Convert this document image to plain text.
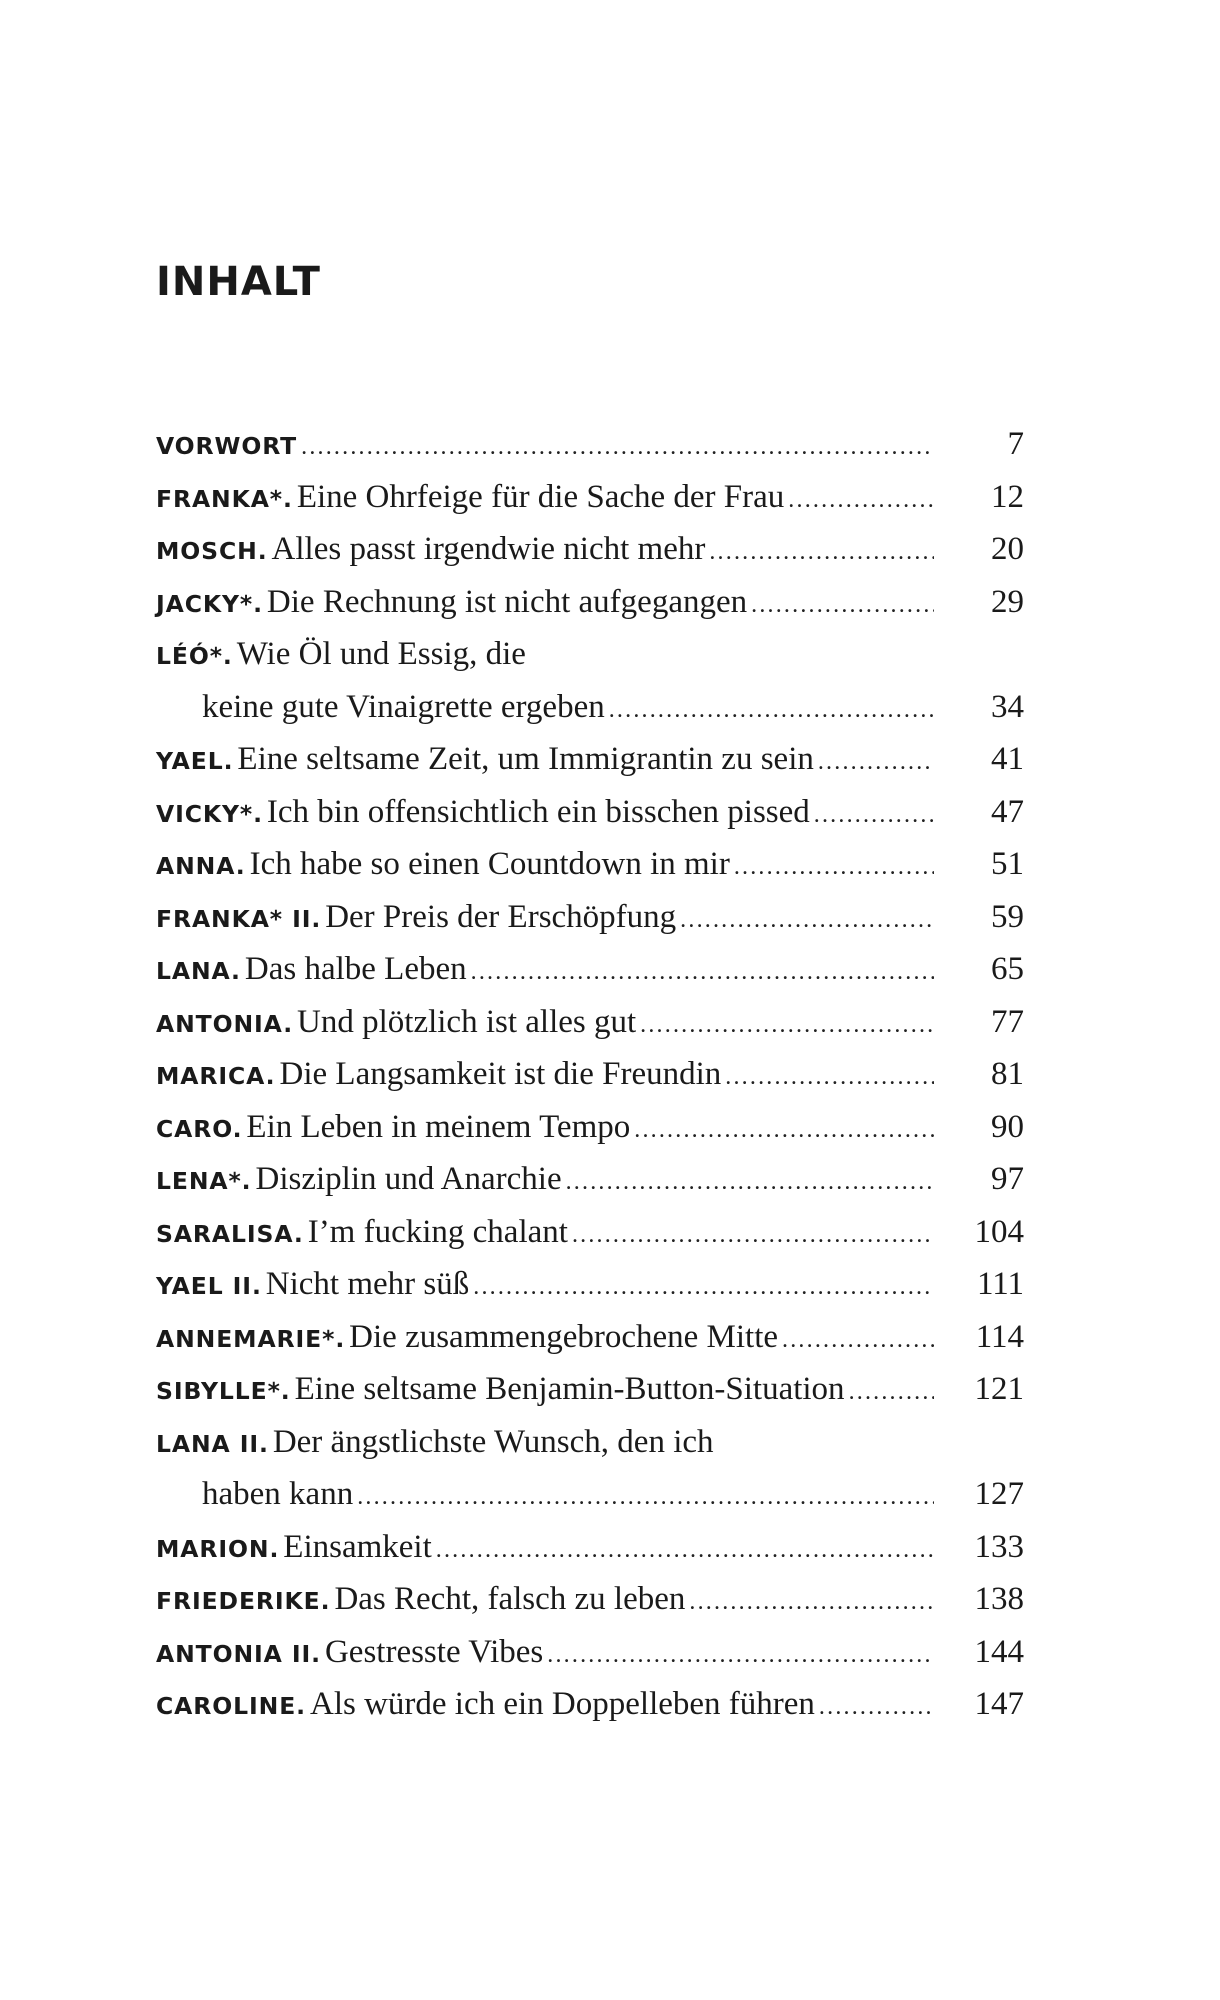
INHALT
VORWORT .....	7
FRANKA*.
Eine Ohrfeige für die Sache der Frau .....	12
MOSCH.
Alles passt irgendwie nicht mehr .....	20
JACKY*.
Die Rechnung ist nicht aufgegangen .....	29
LÉÓ*.
Wie Öl und Essig, die
keine gute Vinaigrette ergeben .....	34
YAEL.
Eine seltsame Zeit, um Immigrantin zu sein .....	41
VICKY*.
Ich bin offensichtlich ein bisschen pissed .....	47
ANNA.
Ich habe so einen Countdown in mir .....	51
FRANKA* II.
Der Preis der Erschöpfung .....	59
LANA.
Das halbe Leben .....	65
ANTONIA.
Und plötzlich ist alles gut .....	77
MARICA.
Die Langsamkeit ist die Freundin .....	81
CARO.
Ein Leben in meinem Tempo .....	90
LENA*.
Disziplin und Anarchie .....	97
SARALISA.
I’m fucking chalant .....	104
YAEL II.
Nicht mehr süß .....	111
ANNEMARIE*.
Die zusammengebrochene Mitte .....	114
SIBYLLE*.
Eine seltsame Benjamin-Button-Situation .....	121
LANA II.
Der ängstlichste Wunsch, den ich
haben kann .....	127
MARION.
Einsamkeit .....	133
FRIEDERIKE.
Das Recht, falsch zu leben .....	138
ANTONIA II.
Gestresste Vibes .....	144
CAROLINE.
Als würde ich ein Doppelleben führen .....	147
